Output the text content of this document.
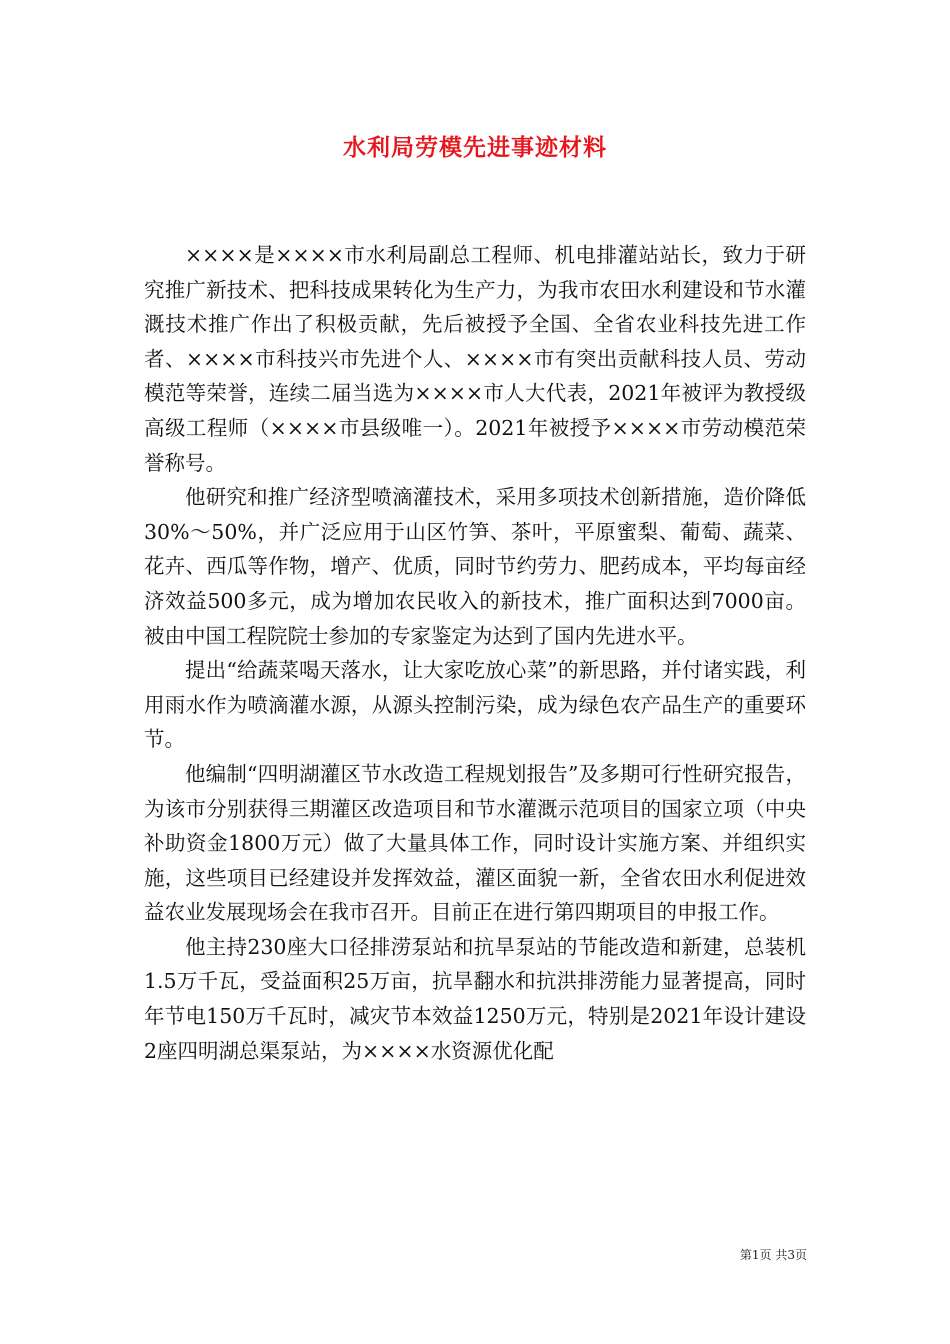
水利局劳模先进事迹材料

××××是××××市水利局副总工程师、机电排灌站站长，致力于研究推广新技术、把科技成果转化为生产力，为我市农田水利建设和节水灌溉技术推广作出了积极贡献，先后被授予全国、全省农业科技先进工作者、××××市科技兴市先进个人、××××市有突出贡献科技人员、劳动模范等荣誉，连续二届当选为××××市人大代表，2021年被评为教授级高级工程师（××××市县级唯一）。2021年被授予××××市劳动模范荣誉称号。

他研究和推广经济型喷滴灌技术，采用多项技术创新措施，造价降低30%～50%，并广泛应用于山区竹笋、茶叶，平原蜜梨、葡萄、蔬菜、花卉、西瓜等作物，增产、优质，同时节约劳力、肥药成本，平均每亩经济效益500多元，成为增加农民收入的新技术，推广面积达到7000亩。被由中国工程院院士参加的专家鉴定为达到了国内先进水平。

提出“给蔬菜喝天落水，让大家吃放心菜”的新思路，并付诸实践，利用雨水作为喷滴灌水源，从源头控制污染，成为绿色农产品生产的重要环节。

他编制“四明湖灌区节水改造工程规划报告”及多期可行性研究报告，为该市分别获得三期灌区改造项目和节水灌溉示范项目的国家立项（中央补助资金1800万元）做了大量具体工作，同时设计实施方案、并组织实施，这些项目已经建设并发挥效益，灌区面貌一新，全省农田水利促进效益农业发展现场会在我市召开。目前正在进行第四期项目的申报工作。

他主持230座大口径排涝泵站和抗旱泵站的节能改造和新建，总装机1.5万千瓦，受益面积25万亩，抗旱翻水和抗洪排涝能力显著提高，同时年节电150万千瓦时，减灾节本效益1250万元，特别是2021年设计建设2座四明湖总渠泵站，为××××水资源优化配

第1页 共3页
